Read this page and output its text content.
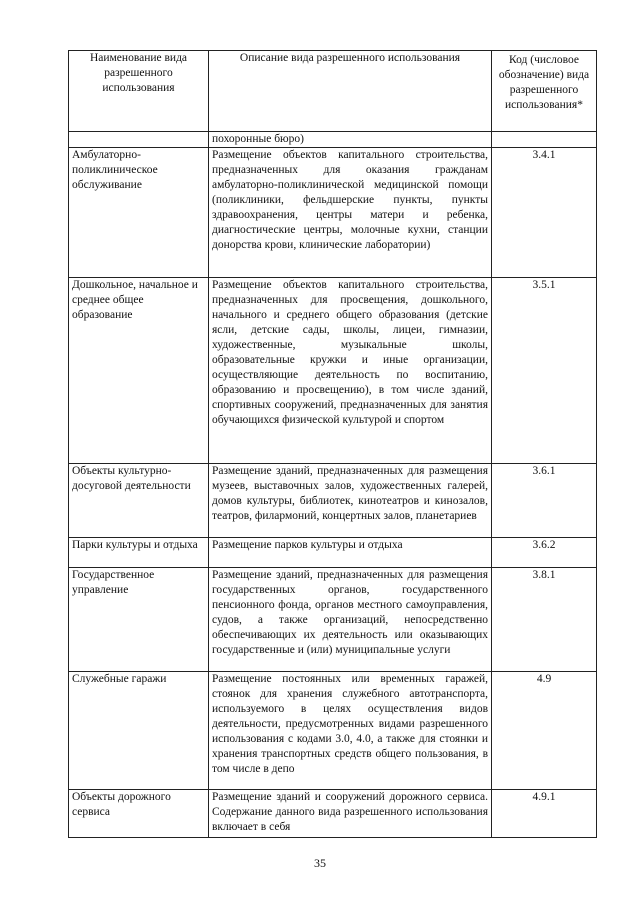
Наименование вида разрешенного использования	Описание вида разрешенного использования	Код (числовое обозначение) вида разрешенного использования*
	похоронные бюро)	
Амбулаторно-поликлиническое обслуживание	Размещение объектов капитального строительства, предназначенных для оказания гражданам амбулаторно-поликлинической медицинской помощи (поликлиники, фельдшерские пункты, пункты здравоохранения, центры матери и ребенка, диагностические центры, молочные кухни, станции донорства крови, клинические лаборатории)	3.4.1
Дошкольное, начальное и среднее общее образование	Размещение объектов капитального строительства, предназначенных для просвещения, дошкольного, начального и среднего общего образования (детские ясли, детские сады, школы, лицеи, гимназии, художественные, музыкальные школы, образовательные кружки и иные организации, осуществляющие деятельность по воспитанию, образованию и просвещению), в том числе зданий, спортивных сооружений, предназначенных для занятия обучающихся физической культурой и спортом	3.5.1
Объекты культурно-досуговой деятельности	Размещение зданий, предназначенных для размещения музеев, выставочных залов, художественных галерей, домов культуры, библиотек, кинотеатров и кинозалов, театров, филармоний, концертных залов, планетариев	3.6.1
Парки культуры и отдыха	Размещение парков культуры и отдыха	3.6.2
Государственное управление	Размещение зданий, предназначенных для размещения государственных органов, государственного пенсионного фонда, органов местного самоуправления, судов, а также организаций, непосредственно обеспечивающих их деятельность или оказывающих государственные и (или) муниципальные услуги	3.8.1
Служебные гаражи	Размещение постоянных или временных гаражей, стоянок для хранения служебного автотранспорта, используемого в целях осуществления видов деятельности, предусмотренных видами разрешенного использования с кодами 3.0, 4.0, а также для стоянки и хранения транспортных средств общего пользования, в том числе в депо	4.9
Объекты дорожного сервиса	Размещение зданий и сооружений дорожного сервиса. Содержание данного вида разрешенного использования включает в себя	4.9.1
35
